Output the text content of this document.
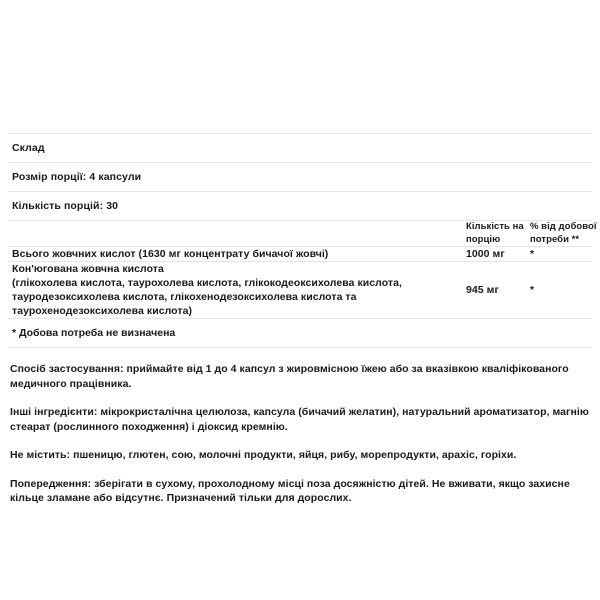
Склад
Розмір порції: 4 капсули
Кількість порцій: 30
	Кількість на порцію	% від добової потреби **
Всього жовчних кислот (1630 мг концентрату бичачої жовчі)	1000 мг	*
Кон'югована жовчна кислота
(глікохолева кислота, таурохолева кислота, глікокодеоксихолева кислота, тауродезоксихолева кислота, глікохенодезоксихолева кислота та таурохенодезоксихолева кислота)
	945 мг	*
* Добова потреба не визначена

Спосіб застосування: приймайте від 1 до 4 капсул з жировмісною їжею або за вказівкою кваліфікованого медичного працівника.

Інші інгредієнти: мікрокристалічна целюлоза, капсула (бичачий желатин), натуральний ароматизатор, магнію стеарат (рослинного походження) і діоксид кремнію.

Не містить: пшеницю, глютен, сою, молочні продукти, яйця, рибу, морепродукти, арахіс, горіхи.

Попередження: зберігати в сухому, прохолодному місці поза досяжністю дітей. Не вживати, якщо захисне кільце зламане або відсутнє. Призначений тільки для дорослих.
